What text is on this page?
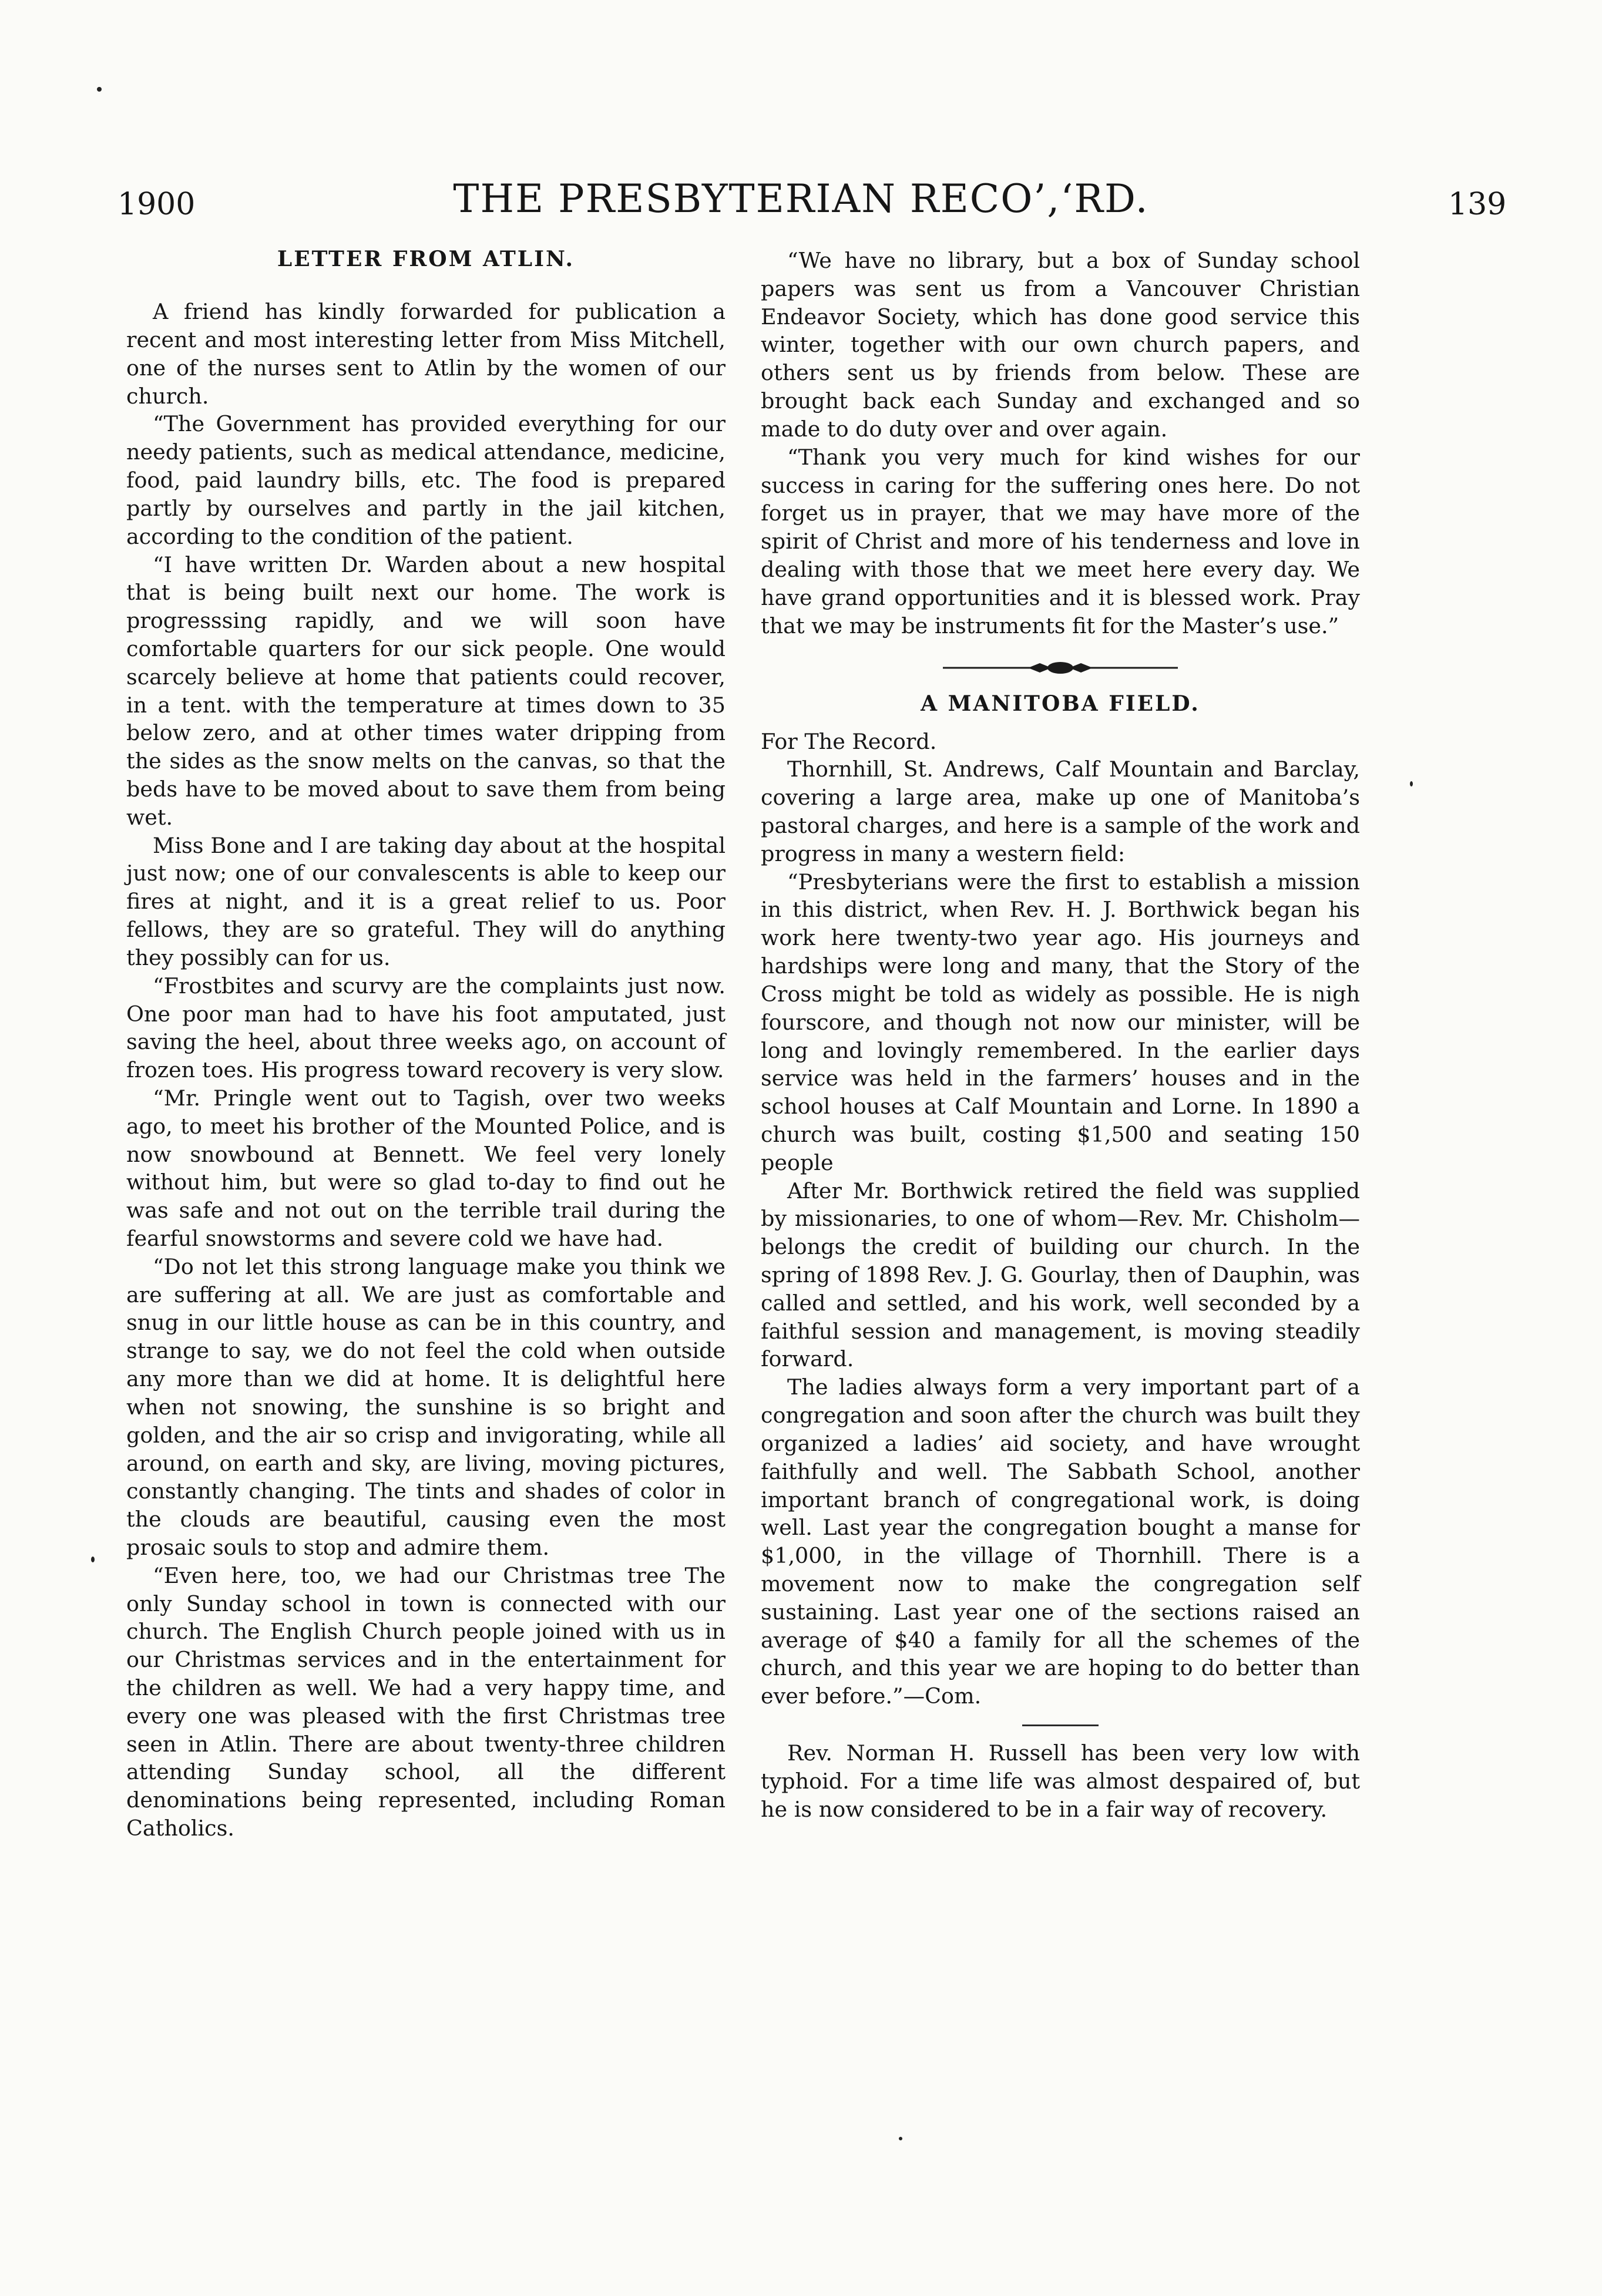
1900	THE PRESBYTERIAN RECO’,‘RD.	139
LETTER FROM ATLIN.

A friend has kindly forwarded for publication a recent and most interesting letter from Miss Mitchell, one of the nurses sent to Atlin by the women of our church.

“The Government has provided everything for our needy patients, such as medical attendance, medicine, food, paid laundry bills, etc. The food is prepared partly by ourselves and partly in the jail kitchen, according to the condition of the patient.

“I have written Dr. Warden about a new hospital that is being built next our home. The work is progresssing rapidly, and we will soon have comfortable quarters for our sick people. One would scarcely believe at home that patients could recover, in a tent. with the temperature at times down to 35 below zero, and at other times water dripping from the sides as the snow melts on the canvas, so that the beds have to be moved about to save them from being wet.

Miss Bone and I are taking day about at the hospital just now; one of our convalescents is able to keep our fires at night, and it is a great relief to us. Poor fellows, they are so grateful. They will do anything they possibly can for us.

“Frostbites and scurvy are the complaints just now. One poor man had to have his foot amputated, just saving the heel, about three weeks ago, on account of frozen toes. His progress toward recovery is very slow.

“Mr. Pringle went out to Tagish, over two weeks ago, to meet his brother of the Mounted Police, and is now snowbound at Bennett. We feel very lonely without him, but were so glad to-day to find out he was safe and not out on the terrible trail during the fearful snowstorms and severe cold we have had.

“Do not let this strong language make you think we are suffering at all. We are just as comfortable and snug in our little house as can be in this country, and strange to say, we do not feel the cold when outside any more than we did at home. It is delightful here when not snowing, the sunshine is so bright and golden, and the air so crisp and invigorating, while all around, on earth and sky, are living, moving pictures, constantly changing. The tints and shades of color in the clouds are beautiful, causing even the most prosaic souls to stop and admire them.

“Even here, too, we had our Christmas tree The only Sunday school in town is connected with our church. The English Church people joined with us in our Christmas services and in the entertainment for the children as well. We had a very happy time, and every one was pleased with the first Christmas tree seen in Atlin. There are about twenty-three children attending Sunday school, all the different denominations being represented, including Roman Catholics.

“We have no library, but a box of Sunday school papers was sent us from a Vancouver Christian Endeavor Society, which has done good service this winter, together with our own church papers, and others sent us by friends from below. These are brought back each Sunday and exchanged and so made to do duty over and over again.

“Thank you very much for kind wishes for our success in caring for the suffering ones here. Do not forget us in prayer, that we may have more of the spirit of Christ and more of his tenderness and love in dealing with those that we meet here every day. We have grand opportunities and it is blessed work. Pray that we may be instruments fit for the Master’s use.”

A MANITOBA FIELD.

For The Record.

Thornhill, St. Andrews, Calf Mountain and Barclay, covering a large area, make up one of Manitoba’s pastoral charges, and here is a sample of the work and progress in many a western field:

“Presbyterians were the first to establish a mission in this district, when Rev. H. J. Borthwick began his work here twenty-two year ago. His journeys and hardships were long and many, that the Story of the Cross might be told as widely as possible. He is nigh fourscore, and though not now our minister, will be long and lovingly remembered. In the earlier days service was held in the farmers’ houses and in the school houses at Calf Mountain and Lorne. In 1890 a church was built, costing $1,500 and seating 150 people

After Mr. Borthwick retired the field was supplied by missionaries, to one of whom—Rev. Mr. Chisholm—belongs the credit of building our church. In the spring of 1898 Rev. J. G. Gourlay, then of Dauphin, was called and settled, and his work, well seconded by a faithful session and management, is moving steadily forward.

The ladies always form a very important part of a congregation and soon after the church was built they organized a ladies’ aid society, and have wrought faithfully and well. The Sabbath School, another important branch of congregational work, is doing well. Last year the congregation bought a manse for $1,000, in the village of Thornhill. There is a movement now to make the congregation self sustaining. Last year one of the sections raised an average of $40 a family for all the schemes of the church, and this year we are hoping to do better than ever before.”—Com.

Rev. Norman H. Russell has been very low with typhoid. For a time life was almost despaired of, but he is now considered to be in a fair way of recovery.
